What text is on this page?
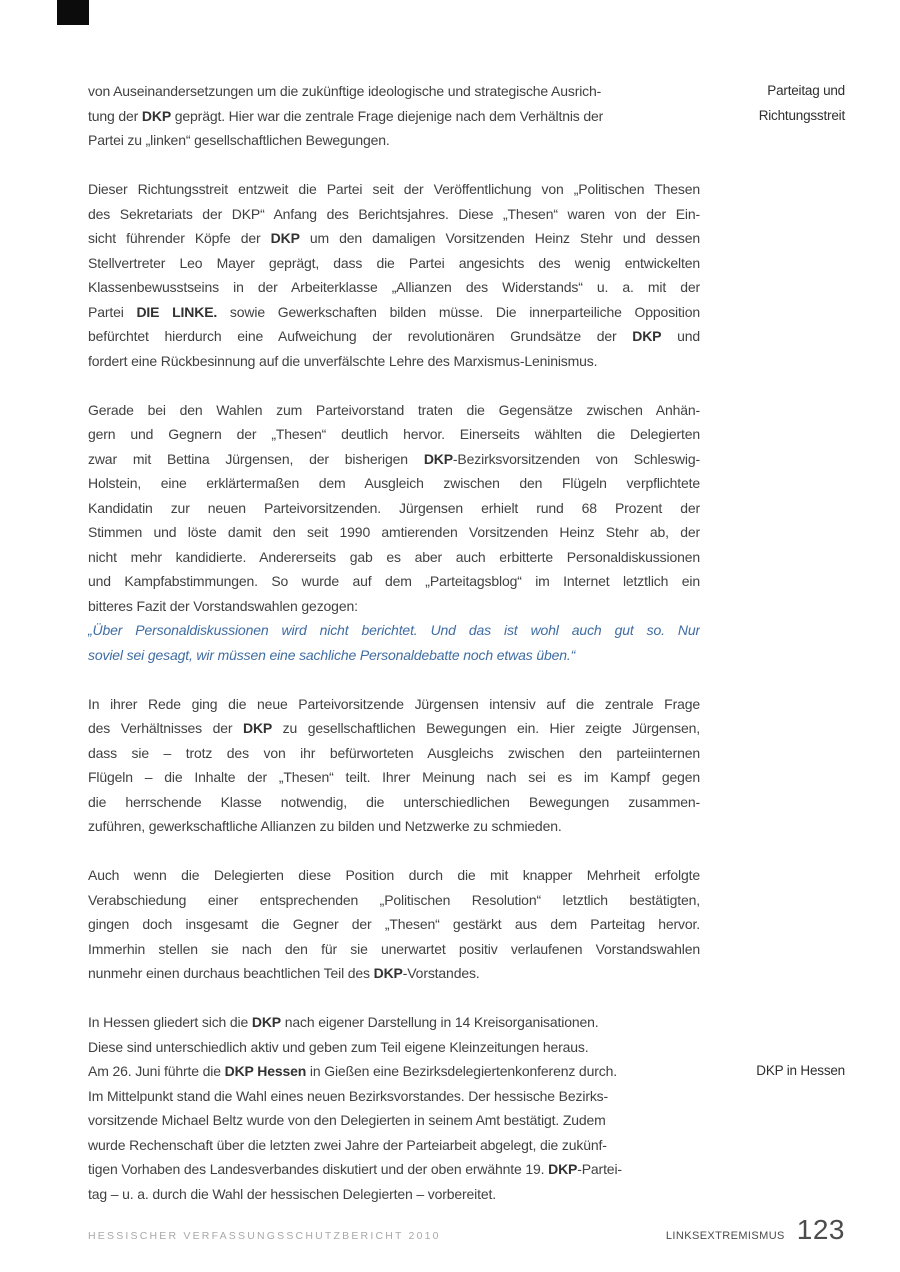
von Auseinandersetzungen um die zukünftige ideologische und strategische Ausrich-
tung der DKP geprägt. Hier war die zentrale Frage diejenige nach dem Verhältnis der
Partei zu „linken“ gesellschaftlichen Bewegungen.
Dieser Richtungsstreit entzweit die Partei seit der Veröffentlichung von „Politischen Thesen
des Sekretariats der DKP“ Anfang des Berichtsjahres. Diese „Thesen“ waren von der Ein-
sicht führender Köpfe der DKP um den damaligen Vorsitzenden Heinz Stehr und dessen
Stellvertreter Leo Mayer geprägt, dass die Partei angesichts des wenig entwickelten
Klassenbewusstseins in der Arbeiterklasse „Allianzen des Widerstands“ u. a. mit der
Partei DIE LINKE. sowie Gewerkschaften bilden müsse. Die innerparteiliche Opposition
befürchtet hierdurch eine Aufweichung der revolutionären Grundsätze der DKP und
fordert eine Rückbesinnung auf die unverfälschte Lehre des Marxismus-Leninismus.
Gerade bei den Wahlen zum Parteivorstand traten die Gegensätze zwischen Anhän-
gern und Gegnern der „Thesen“ deutlich hervor. Einerseits wählten die Delegierten
zwar mit Bettina Jürgensen, der bisherigen DKP-Bezirksvorsitzenden von Schleswig-
Holstein, eine erklärtermaßen dem Ausgleich zwischen den Flügeln verpflichtete
Kandidatin zur neuen Parteivorsitzenden. Jürgensen erhielt rund 68 Prozent der
Stimmen und löste damit den seit 1990 amtierenden Vorsitzenden Heinz Stehr ab, der
nicht mehr kandidierte. Andererseits gab es aber auch erbitterte Personaldiskussionen
und Kampfabstimmungen. So wurde auf dem „Parteitagsblog“ im Internet letztlich ein
bitteres Fazit der Vorstandswahlen gezogen:
„Über Personaldiskussionen wird nicht berichtet. Und das ist wohl auch gut so. Nur
soviel sei gesagt, wir müssen eine sachliche Personaldebatte noch etwas üben.“
In ihrer Rede ging die neue Parteivorsitzende Jürgensen intensiv auf die zentrale Frage
des Verhältnisses der DKP zu gesellschaftlichen Bewegungen ein. Hier zeigte Jürgensen,
dass sie – trotz des von ihr befürworteten Ausgleichs zwischen den parteiinternen
Flügeln – die Inhalte der „Thesen“ teilt. Ihrer Meinung nach sei es im Kampf gegen
die herrschende Klasse notwendig, die unterschiedlichen Bewegungen zusammen-
zuführen, gewerkschaftliche Allianzen zu bilden und Netzwerke zu schmieden.
Auch wenn die Delegierten diese Position durch die mit knapper Mehrheit erfolgte
Verabschiedung einer entsprechenden „Politischen Resolution“ letztlich bestätigten,
gingen doch insgesamt die Gegner der „Thesen“ gestärkt aus dem Parteitag hervor.
Immerhin stellen sie nach den für sie unerwartet positiv verlaufenen Vorstandswahlen
nunmehr einen durchaus beachtlichen Teil des DKP-Vorstandes.
In Hessen gliedert sich die DKP nach eigener Darstellung in 14 Kreisorganisationen.
Diese sind unterschiedlich aktiv und geben zum Teil eigene Kleinzeitungen heraus.
Am 26. Juni führte die DKP Hessen in Gießen eine Bezirksdelegiertenkonferenz durch.
Im Mittelpunkt stand die Wahl eines neuen Bezirksvorstandes. Der hessische Bezirks-
vorsitzende Michael Beltz wurde von den Delegierten in seinem Amt bestätigt. Zudem
wurde Rechenschaft über die letzten zwei Jahre der Parteiarbeit abgelegt, die zukünf-
tigen Vorhaben des Landesverbandes diskutiert und der oben erwähnte 19. DKP-Partei-
tag – u. a. durch die Wahl der hessischen Delegierten – vorbereitet.
Parteitag und
Richtungsstreit
DKP in Hessen
HESSISCHER VERFASSUNGSSCHUTZBERICHT 2010	LINKSEXTREMISMUS 123
